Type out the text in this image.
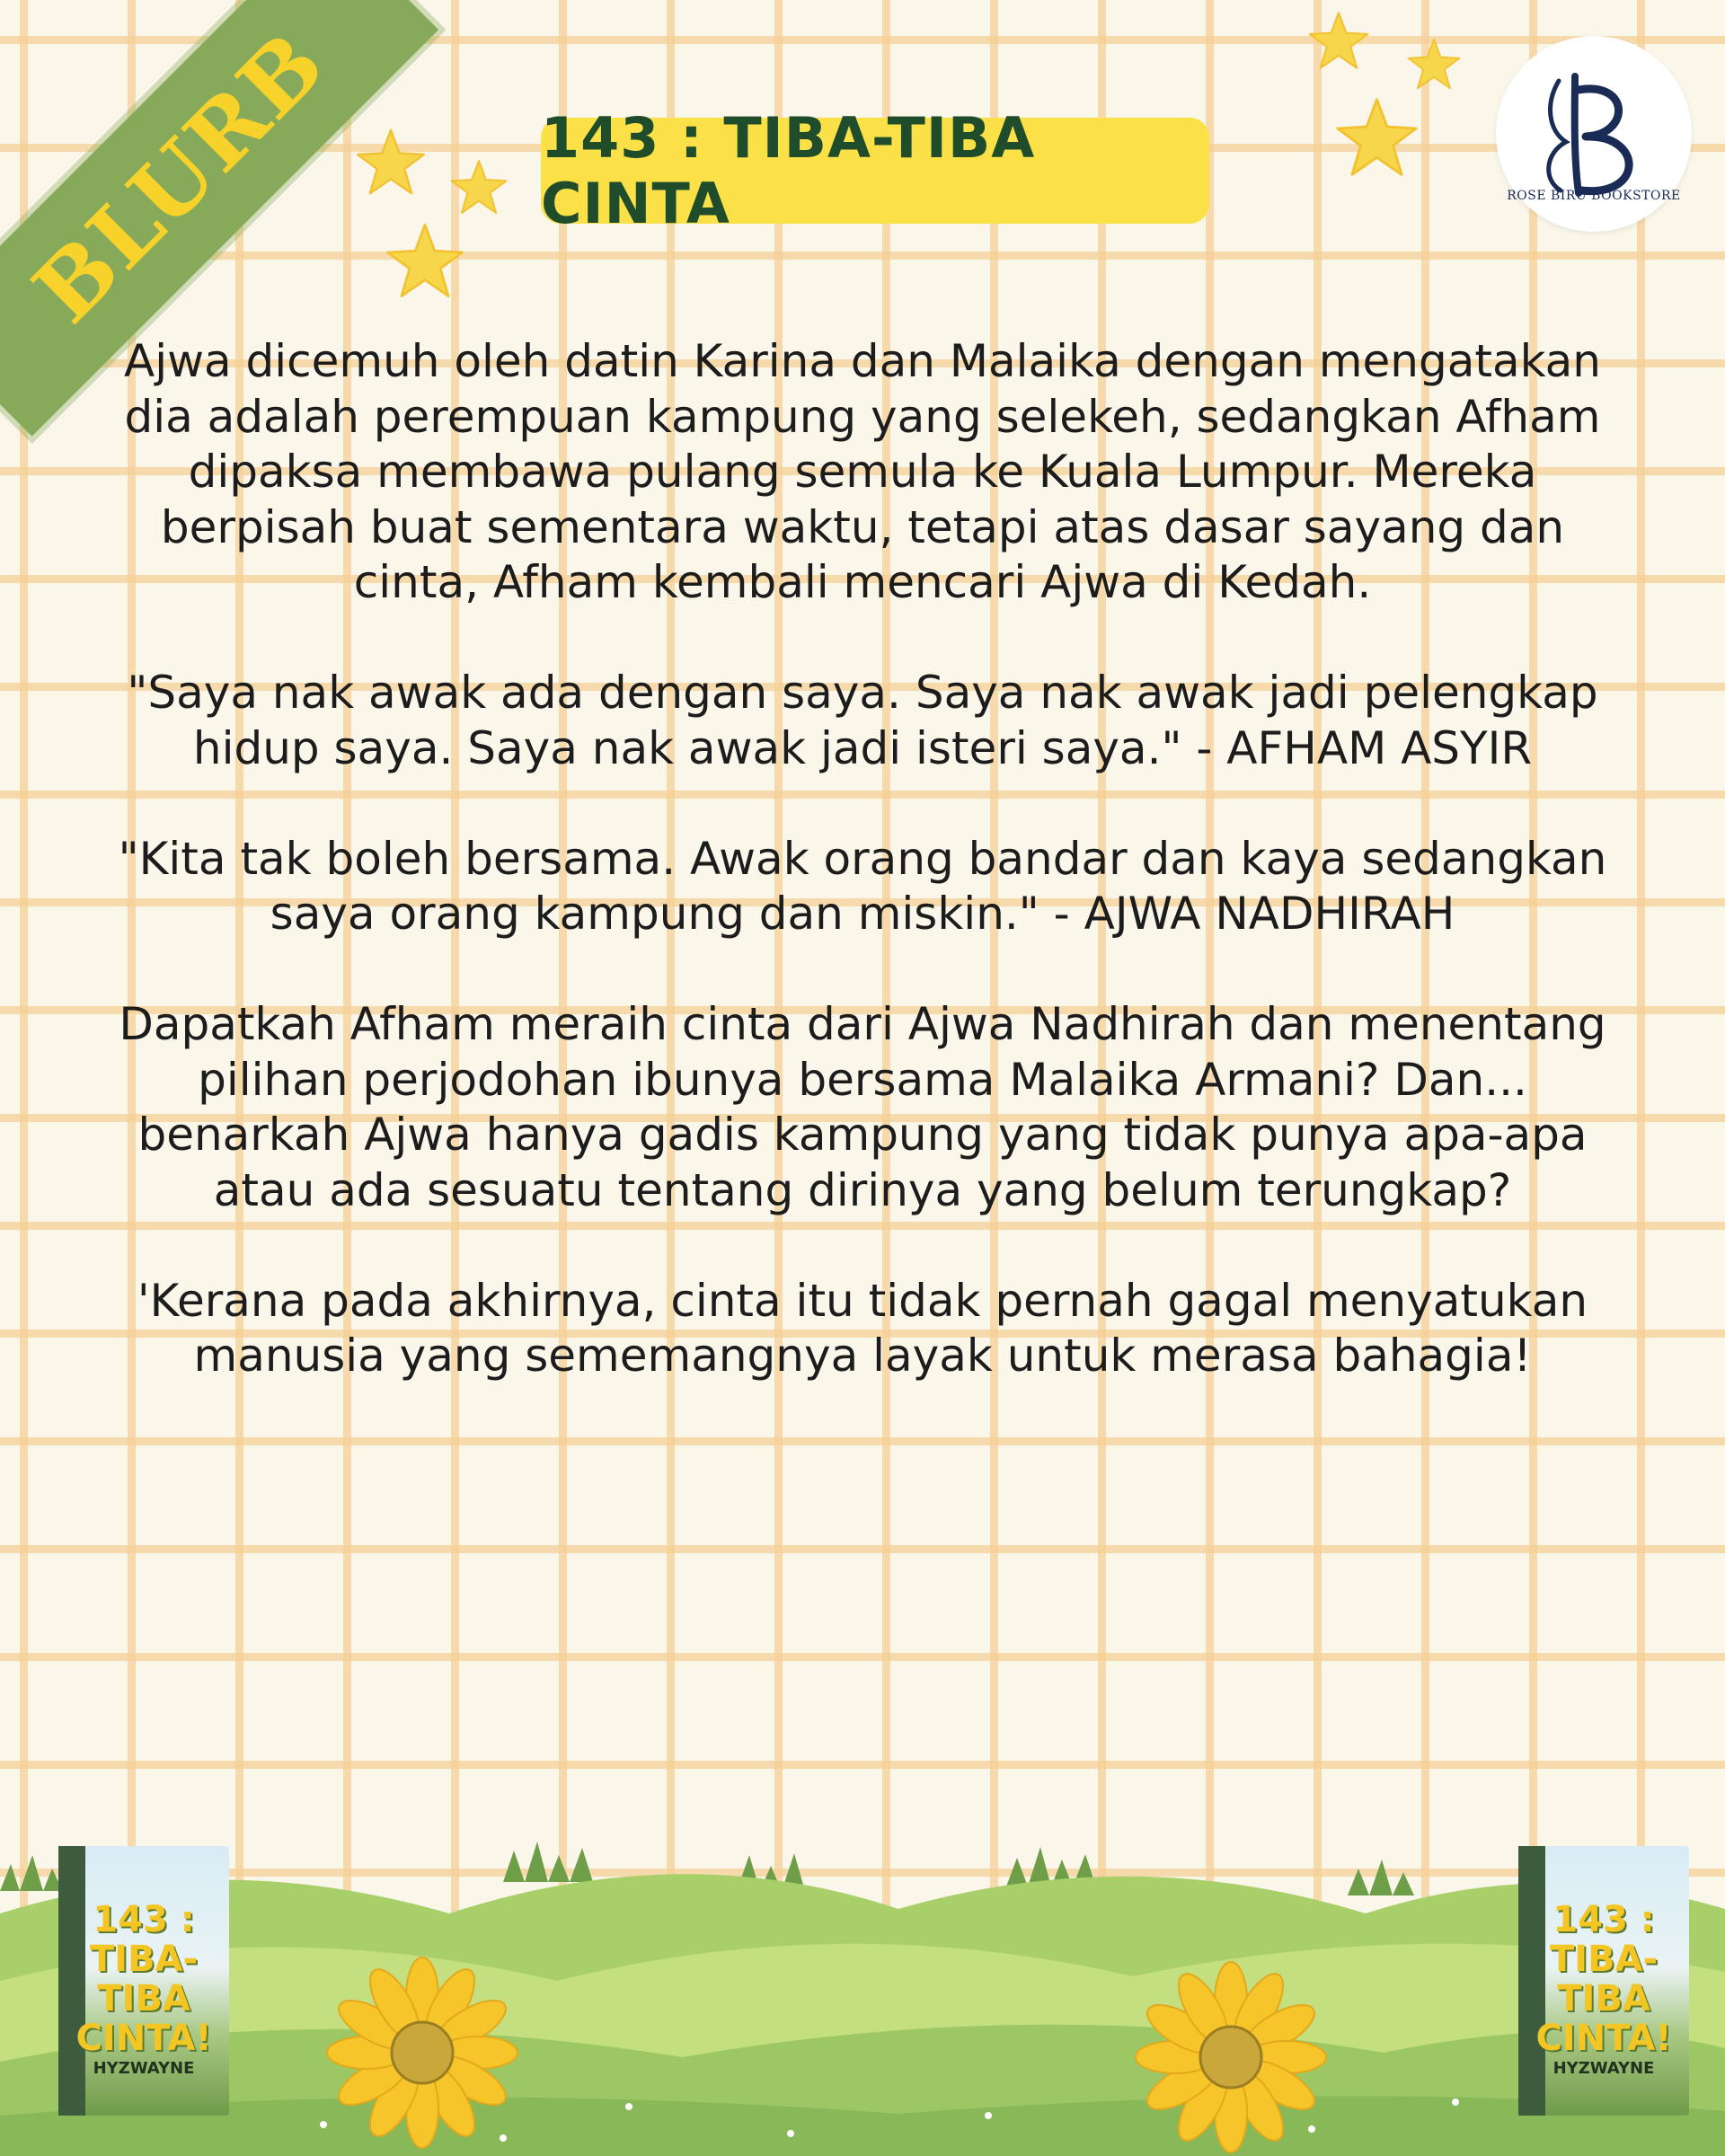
BLURB	143 : TIBA-TIBA CINTA	ROSE BIRU BOOKSTORE

Ajwa dicemuh oleh datin Karina dan Malaika dengan mengatakan dia adalah perempuan kampung yang selekeh, sedangkan Afham dipaksa membawa pulang semula ke Kuala Lumpur. Mereka berpisah buat sementara waktu, tetapi atas dasar sayang dan cinta, Afham kembali mencari Ajwa di Kedah.

"Saya nak awak ada dengan saya. Saya nak awak jadi pelengkap hidup saya. Saya nak awak jadi isteri saya." - AFHAM ASYIR

"Kita tak boleh bersama. Awak orang bandar dan kaya sedangkan saya orang kampung dan miskin." - AJWA NADHIRAH

Dapatkah Afham meraih cinta dari Ajwa Nadhirah dan menentang pilihan perjodohan ibunya bersama Malaika Armani? Dan... benarkah Ajwa hanya gadis kampung yang tidak punya apa-apa atau ada sesuatu tentang dirinya yang belum terungkap?

'Kerana pada akhirnya, cinta itu tidak pernah gagal menyatukan manusia yang sememangnya layak untuk merasa bahagia!

143 :
TIBA-TIBA
CINTA!
HYZWAYNE
143 :
TIBA-TIBA
CINTA!
HYZWAYNE
